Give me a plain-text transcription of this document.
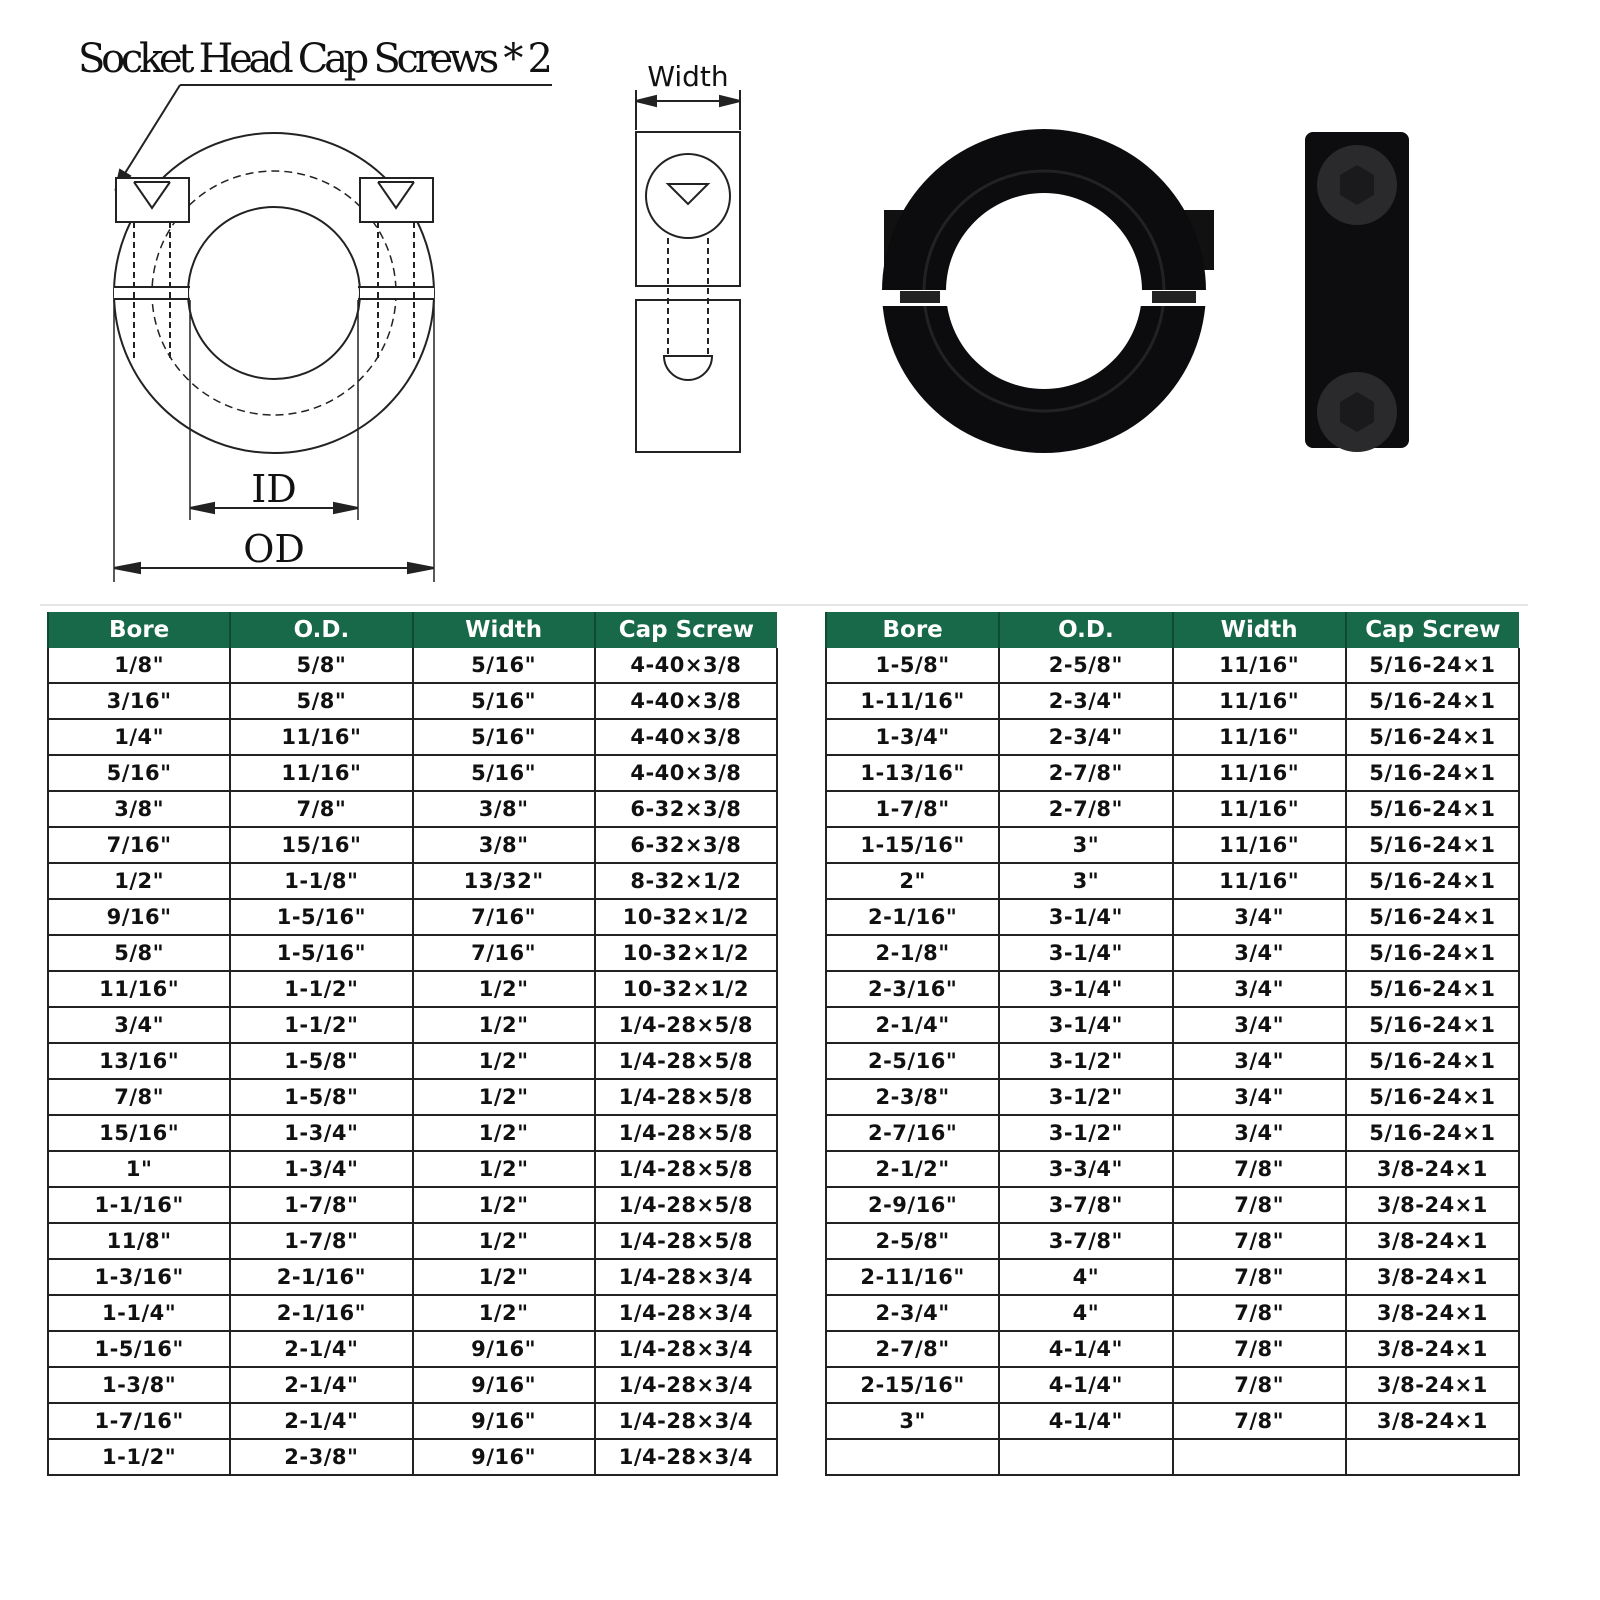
Socket Head Cap Screws * 2
ID
OD
Width
Bore	O.D.	Width	Cap Screw
1/8"	5/8"	5/16"	4-40×3/8
3/16"	5/8"	5/16"	4-40×3/8
1/4"	11/16"	5/16"	4-40×3/8
5/16"	11/16"	5/16"	4-40×3/8
3/8"	7/8"	3/8"	6-32×3/8
7/16"	15/16"	3/8"	6-32×3/8
1/2"	1-1/8"	13/32"	8-32×1/2
9/16"	1-5/16"	7/16"	10-32×1/2
5/8"	1-5/16"	7/16"	10-32×1/2
11/16"	1-1/2"	1/2"	10-32×1/2
3/4"	1-1/2"	1/2"	1/4-28×5/8
13/16"	1-5/8"	1/2"	1/4-28×5/8
7/8"	1-5/8"	1/2"	1/4-28×5/8
15/16"	1-3/4"	1/2"	1/4-28×5/8
1"	1-3/4"	1/2"	1/4-28×5/8
1-1/16"	1-7/8"	1/2"	1/4-28×5/8
11/8"	1-7/8"	1/2"	1/4-28×5/8
1-3/16"	2-1/16"	1/2"	1/4-28×3/4
1-1/4"	2-1/16"	1/2"	1/4-28×3/4
1-5/16"	2-1/4"	9/16"	1/4-28×3/4
1-3/8"	2-1/4"	9/16"	1/4-28×3/4
1-7/16"	2-1/4"	9/16"	1/4-28×3/4
1-1/2"	2-3/8"	9/16"	1/4-28×3/4
Bore	O.D.	Width	Cap Screw
1-5/8"	2-5/8"	11/16"	5/16-24×1
1-11/16"	2-3/4"	11/16"	5/16-24×1
1-3/4"	2-3/4"	11/16"	5/16-24×1
1-13/16"	2-7/8"	11/16"	5/16-24×1
1-7/8"	2-7/8"	11/16"	5/16-24×1
1-15/16"	3"	11/16"	5/16-24×1
2"	3"	11/16"	5/16-24×1
2-1/16"	3-1/4"	3/4"	5/16-24×1
2-1/8"	3-1/4"	3/4"	5/16-24×1
2-3/16"	3-1/4"	3/4"	5/16-24×1
2-1/4"	3-1/4"	3/4"	5/16-24×1
2-5/16"	3-1/2"	3/4"	5/16-24×1
2-3/8"	3-1/2"	3/4"	5/16-24×1
2-7/16"	3-1/2"	3/4"	5/16-24×1
2-1/2"	3-3/4"	7/8"	3/8-24×1
2-9/16"	3-7/8"	7/8"	3/8-24×1
2-5/8"	3-7/8"	7/8"	3/8-24×1
2-11/16"	4"	7/8"	3/8-24×1
2-3/4"	4"	7/8"	3/8-24×1
2-7/8"	4-1/4"	7/8"	3/8-24×1
2-15/16"	4-1/4"	7/8"	3/8-24×1
3"	4-1/4"	7/8"	3/8-24×1
